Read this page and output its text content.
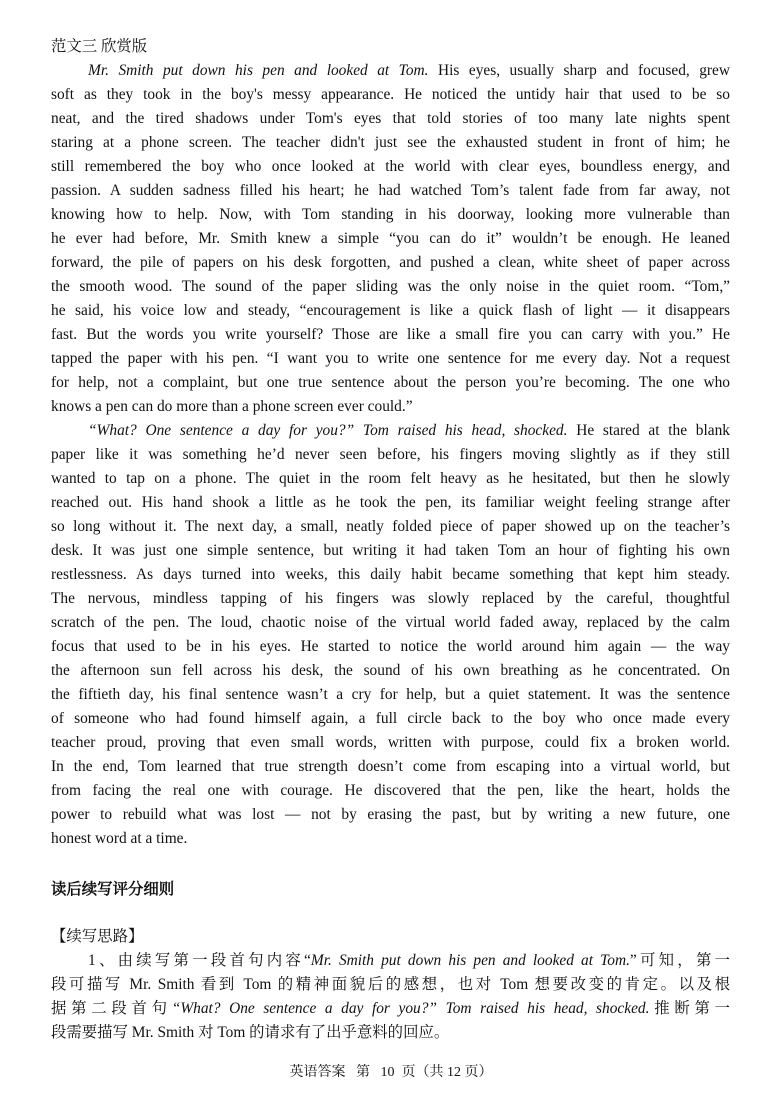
范文三 欣赏版
Mr. Smith put down his pen and looked at Tom. His eyes, usually sharp and focused, grew
soft as they took in the boy's messy appearance. He noticed the untidy hair that used to be so
neat, and the tired shadows under Tom's eyes that told stories of too many late nights spent
staring at a phone screen. The teacher didn't just see the exhausted student in front of him; he
still remembered the boy who once looked at the world with clear eyes, boundless energy, and
passion. A sudden sadness filled his heart; he had watched Tom’s talent fade from far away, not
knowing how to help. Now, with Tom standing in his doorway, looking more vulnerable than
he ever had before, Mr. Smith knew a simple “you can do it” wouldn’t be enough. He leaned
forward, the pile of papers on his desk forgotten, and pushed a clean, white sheet of paper across
the smooth wood. The sound of the paper sliding was the only noise in the quiet room. “Tom,”
he said, his voice low and steady, “encouragement is like a quick flash of light — it disappears
fast. But the words you write yourself? Those are like a small fire you can carry with you.” He
tapped the paper with his pen. “I want you to write one sentence for me every day. Not a request
for help, not a complaint, but one true sentence about the person you’re becoming. The one who
knows a pen can do more than a phone screen ever could.”
“What? One sentence a day for you?” Tom raised his head, shocked. He stared at the blank
paper like it was something he’d never seen before, his fingers moving slightly as if they still
wanted to tap on a phone. The quiet in the room felt heavy as he hesitated, but then he slowly
reached out. His hand shook a little as he took the pen, its familiar weight feeling strange after
so long without it. The next day, a small, neatly folded piece of paper showed up on the teacher’s
desk. It was just one simple sentence, but writing it had taken Tom an hour of fighting his own
restlessness. As days turned into weeks, this daily habit became something that kept him steady.
The nervous, mindless tapping of his fingers was slowly replaced by the careful, thoughtful
scratch of the pen. The loud, chaotic noise of the virtual world faded away, replaced by the calm
focus that used to be in his eyes. He started to notice the world around him again — the way
the afternoon sun fell across his desk, the sound of his own breathing as he concentrated. On
the fiftieth day, his final sentence wasn’t a cry for help, but a quiet statement. It was the sentence
of someone who had found himself again, a full circle back to the boy who once made every
teacher proud, proving that even small words, written with purpose, could fix a broken world.
In the end, Tom learned that true strength doesn’t come from escaping into a virtual world, but
from facing the real one with courage. He discovered that the pen, like the heart, holds the
power to rebuild what was lost — not by erasing the past, but by writing a new future, one
honest word at a time.
读后续写评分细则
【续写思路】
1、由续写第一段首句内容“Mr. Smith put down his pen and looked at Tom.”可知，第一
段可描写 Mr. Smith 看到 Tom 的精神面貌后的感想，也对 Tom 想要改变的肯定。以及根
据第二段首句“What? One sentence a day for you?” Tom raised his head, shocked.推断第一
段需要描写 Mr. Smith 对 Tom 的请求有了出乎意料的回应。
英语答案   第   10  页（共 12 页）
